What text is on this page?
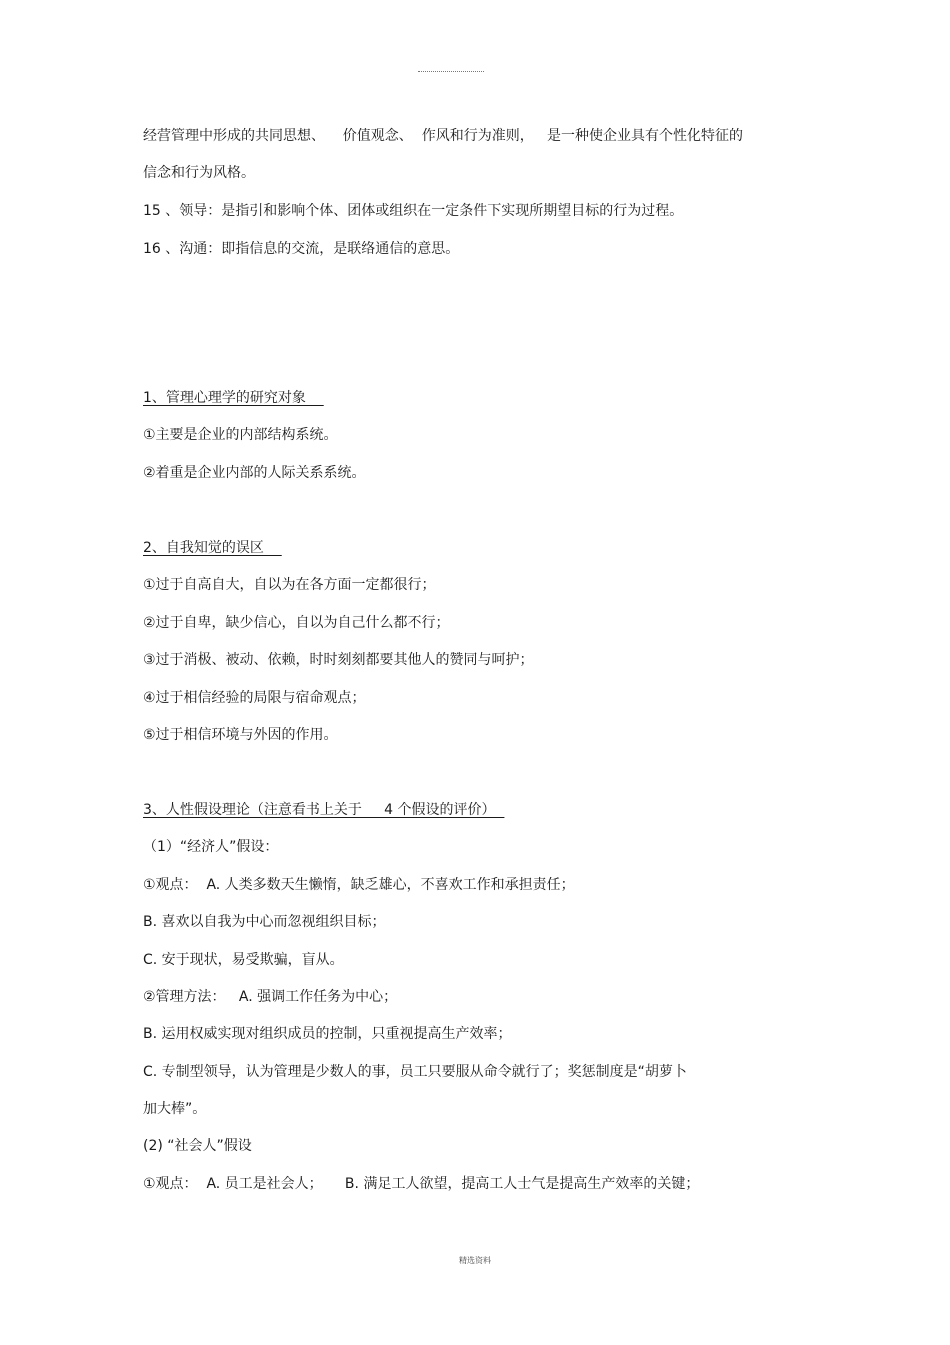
经营管理中形成的共同思想、    价值观念、  作风和行为准则，   是一种使企业具有个性化特征的
信念和行为风格。
15 、领导：是指引和影响个体、团体或组织在一定条件下实现所期望目标的行为过程。
16 、沟通：即指信息的交流，是联络通信的意思。
1、管理心理学的研究对象
①主要是企业的内部结构系统。
②着重是企业内部的人际关系系统。
2、自我知觉的误区
①过于自高自大，自以为在各方面一定都很行；
②过于自卑，缺少信心，自以为自己什么都不行；
③过于消极、被动、依赖，时时刻刻都要其他人的赞同与呵护；
④过于相信经验的局限与宿命观点；
⑤过于相信环境与外因的作用。
3、人性假设理论（注意看书上关于     4 个假设的评价）
（1）“经济人”假设：
①观点：  A. 人类多数天生懒惰，缺乏雄心，不喜欢工作和承担责任；
B. 喜欢以自我为中心而忽视组织目标；
C. 安于现状，易受欺骗，盲从。
②管理方法：   A. 强调工作任务为中心；
B. 运用权威实现对组织成员的控制，只重视提高生产效率；
C. 专制型领导，认为管理是少数人的事，员工只要服从命令就行了；奖惩制度是“胡萝卜
加大棒”。
(2) “社会人”假设
①观点：  A. 员工是社会人；     B. 满足工人欲望，提高工人士气是提高生产效率的关键；
精选资料
